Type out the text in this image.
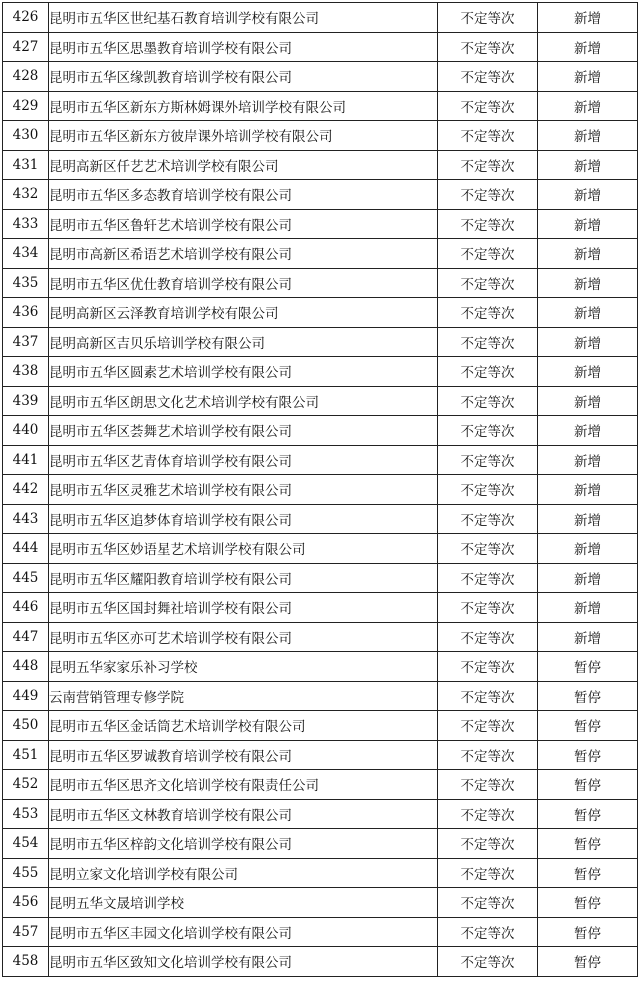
426	昆明市五华区世纪基石教育培训学校有限公司	不定等次	新增
427	昆明市五华区思墨教育培训学校有限公司	不定等次	新增
428	昆明市五华区缘凯教育培训学校有限公司	不定等次	新增
429	昆明市五华区新东方斯林姆课外培训学校有限公司	不定等次	新增
430	昆明市五华区新东方彼岸课外培训学校有限公司	不定等次	新增
431	昆明高新区仟艺艺术培训学校有限公司	不定等次	新增
432	昆明市五华区多态教育培训学校有限公司	不定等次	新增
433	昆明市五华区鲁轩艺术培训学校有限公司	不定等次	新增
434	昆明市高新区希语艺术培训学校有限公司	不定等次	新增
435	昆明市五华区优仕教育培训学校有限公司	不定等次	新增
436	昆明高新区云泽教育培训学校有限公司	不定等次	新增
437	昆明高新区吉贝乐培训学校有限公司	不定等次	新增
438	昆明市五华区圆素艺术培训学校有限公司	不定等次	新增
439	昆明市五华区朗思文化艺术培训学校有限公司	不定等次	新增
440	昆明市五华区荟舞艺术培训学校有限公司	不定等次	新增
441	昆明市五华区艺青体育培训学校有限公司	不定等次	新增
442	昆明市五华区灵雅艺术培训学校有限公司	不定等次	新增
443	昆明市五华区追梦体育培训学校有限公司	不定等次	新增
444	昆明市五华区妙语星艺术培训学校有限公司	不定等次	新增
445	昆明市五华区耀阳教育培训学校有限公司	不定等次	新增
446	昆明市五华区国封舞社培训学校有限公司	不定等次	新增
447	昆明市五华区亦可艺术培训学校有限公司	不定等次	新增
448	昆明五华家家乐补习学校	不定等次	暂停
449	云南营销管理专修学院	不定等次	暂停
450	昆明市五华区金话筒艺术培训学校有限公司	不定等次	暂停
451	昆明市五华区罗诚教育培训学校有限公司	不定等次	暂停
452	昆明市五华区思齐文化培训学校有限责任公司	不定等次	暂停
453	昆明市五华区文林教育培训学校有限公司	不定等次	暂停
454	昆明市五华区梓韵文化培训学校有限公司	不定等次	暂停
455	昆明立家文化培训学校有限公司	不定等次	暂停
456	昆明五华文晟培训学校	不定等次	暂停
457	昆明市五华区丰园文化培训学校有限公司	不定等次	暂停
458	昆明市五华区致知文化培训学校有限公司	不定等次	暂停
